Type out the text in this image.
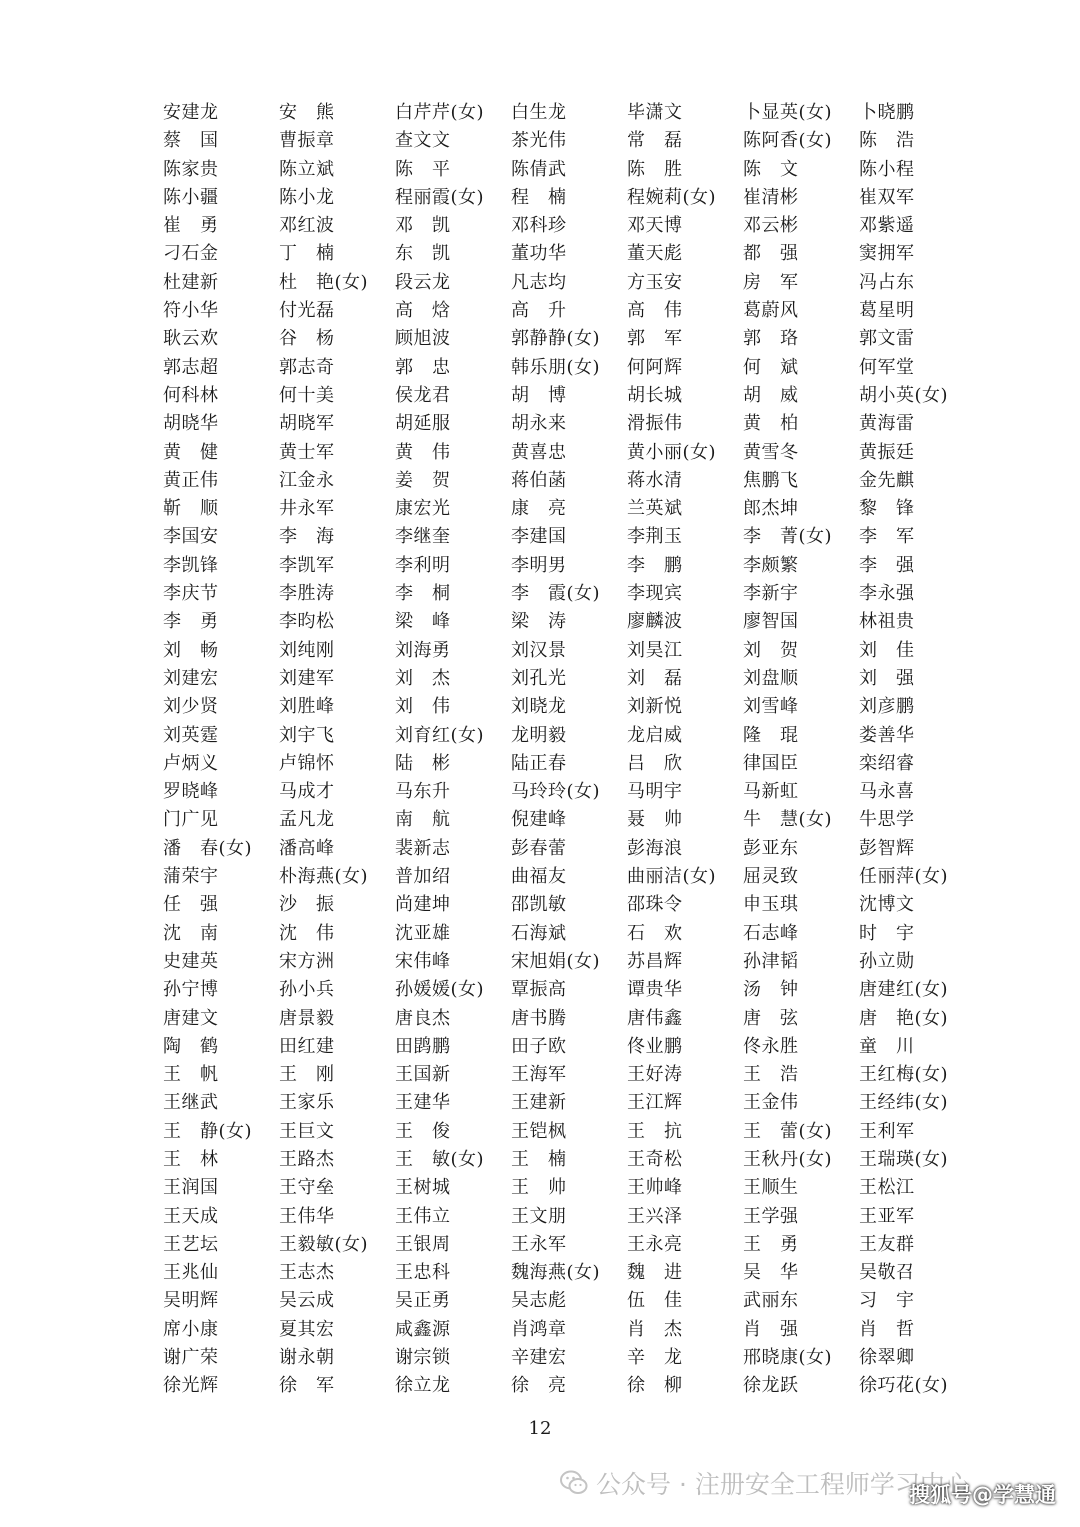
安建龙	安　熊	白芹芹(女)	白生龙	毕潇文	卜显英(女)	卜晓鹏
蔡　国	曹振章	查文文	茶光伟	常　磊	陈阿香(女)	陈　浩
陈家贵	陈立斌	陈　平	陈倩武	陈　胜	陈　文	陈小程
陈小疆	陈小龙	程丽霞(女)	程　楠	程婉莉(女)	崔清彬	崔双军
崔　勇	邓红波	邓　凯	邓科珍	邓天博	邓云彬	邓紫遥
刁石金	丁　楠	东　凯	董功华	董天彪	都　强	窦拥军
杜建新	杜　艳(女)	段云龙	凡志均	方玉安	房　军	冯占东
符小华	付光磊	高　焓	高　升	高　伟	葛蔚风	葛星明
耿云欢	谷　杨	顾旭波	郭静静(女)	郭　军	郭　珞	郭文雷
郭志超	郭志奇	郭　忠	韩乐朋(女)	何阿辉	何　斌	何军堂
何科林	何十美	侯龙君	胡　博	胡长城	胡　威	胡小英(女)
胡晓华	胡晓军	胡延服	胡永来	滑振伟	黄　柏	黄海雷
黄　健	黄士军	黄　伟	黄喜忠	黄小丽(女)	黄雪冬	黄振廷
黄正伟	江金永	姜　贺	蒋伯菡	蒋水清	焦鹏飞	金先麒
靳　顺	井永军	康宏光	康　亮	兰英斌	郎杰坤	黎　锋
李国安	李　海	李继奎	李建国	李荆玉	李　菁(女)	李　军
李凯锋	李凯军	李利明	李明男	李　鹏	李颇繁	李　强
李庆节	李胜涛	李　桐	李　霞(女)	李现宾	李新宇	李永强
李　勇	李昀松	梁　峰	梁　涛	廖麟波	廖智国	林祖贵
刘　畅	刘纯刚	刘海勇	刘汉景	刘昊江	刘　贺	刘　佳
刘建宏	刘建军	刘　杰	刘孔光	刘　磊	刘盘顺	刘　强
刘少贤	刘胜峰	刘　伟	刘晓龙	刘新悦	刘雪峰	刘彦鹏
刘英霆	刘宇飞	刘育红(女)	龙明毅	龙启威	隆　琨	娄善华
卢炳义	卢锦怀	陆　彬	陆正春	吕　欣	律国臣	栾绍睿
罗晓峰	马成才	马东升	马玲玲(女)	马明宇	马新虹	马永喜
门广见	孟凡龙	南　航	倪建峰	聂　帅	牛　慧(女)	牛思学
潘　春(女)	潘高峰	裴新志	彭春蕾	彭海浪	彭亚东	彭智辉
蒲荣宇	朴海燕(女)	普加绍	曲福友	曲丽洁(女)	屈灵致	任丽萍(女)
任　强	沙　振	尚建坤	邵凯敏	邵珠令	申玉琪	沈博文
沈　南	沈　伟	沈亚雄	石海斌	石　欢	石志峰	时　宇
史建英	宋方洲	宋伟峰	宋旭娟(女)	苏昌辉	孙津韬	孙立勋
孙宁博	孙小兵	孙媛媛(女)	覃振高	谭贵华	汤　钟	唐建红(女)
唐建文	唐景毅	唐良杰	唐书腾	唐伟鑫	唐　弦	唐　艳(女)
陶　鹤	田红建	田鹍鹏	田子欧	佟业鹏	佟永胜	童　川
王　帆	王　刚	王国新	王海军	王好涛	王　浩	王红梅(女)
王继武	王家乐	王建华	王建新	王江辉	王金伟	王经纬(女)
王　静(女)	王巨文	王　俊	王铠枫	王　抗	王　蕾(女)	王利军
王　林	王路杰	王　敏(女)	王　楠	王奇松	王秋丹(女)	王瑞瑛(女)
王润国	王守垒	王树城	王　帅	王帅峰	王顺生	王松江
王天成	王伟华	王伟立	王文朋	王兴泽	王学强	王亚军
王艺坛	王毅敏(女)	王银周	王永军	王永亮	王　勇	王友群
王兆仙	王志杰	王忠科	魏海燕(女)	魏　进	吴　华	吴敬召
吴明辉	吴云成	吴正勇	吴志彪	伍　佳	武丽东	习　宇
席小康	夏其宏	咸鑫源	肖鸿章	肖　杰	肖　强	肖　哲
谢广荣	谢永朝	谢宗锁	辛建宏	辛　龙	邢晓康(女)	徐翠卿
徐光辉	徐　军	徐立龙	徐　亮	徐　柳	徐龙跃	徐巧花(女)
12
公众号 · 注册安全工程师学习中心
搜狐号@学慧通
